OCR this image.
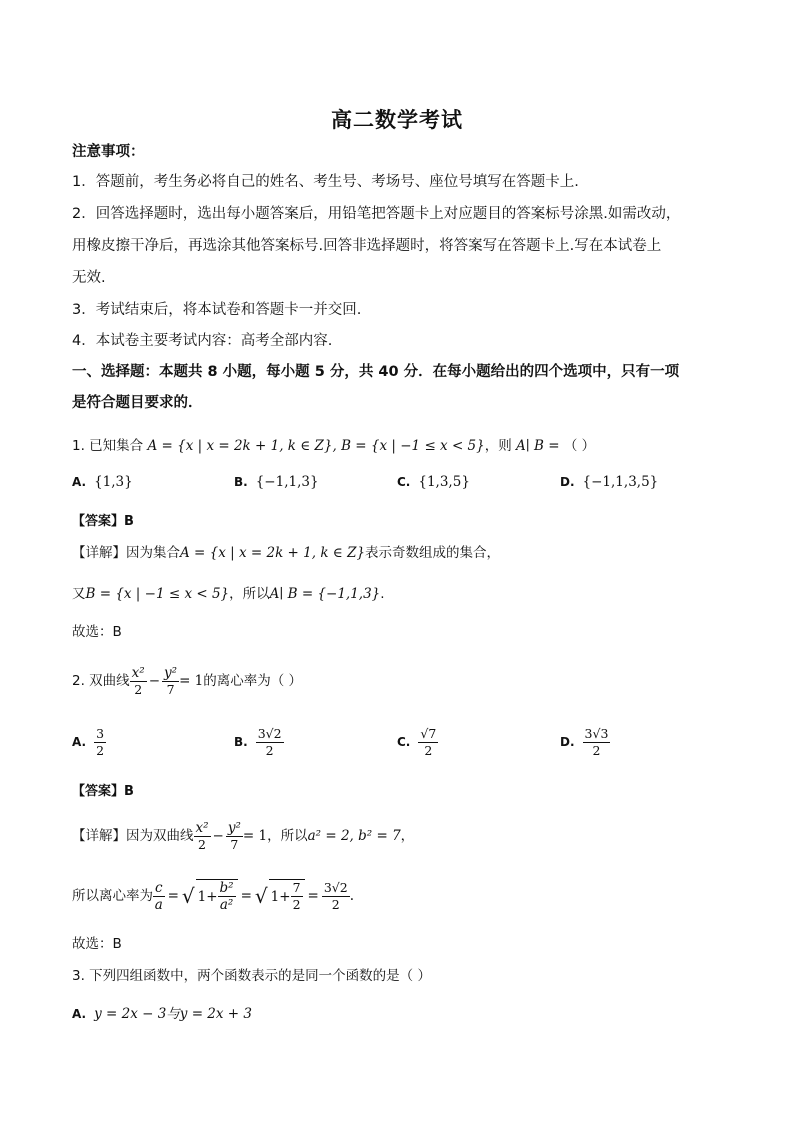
高二数学考试
注意事项：
1．答题前，考生务必将自己的姓名、考生号、考场号、座位号填写在答题卡上.
2．回答选择题时，选出每小题答案后，用铅笔把答题卡上对应题目的答案标号涂黑.如需改动，
用橡皮擦干净后，再选涂其他答案标号.回答非选择题时，将答案写在答题卡上.写在本试卷上
无效.
3．考试结束后，将本试卷和答题卡一并交回.
4．本试卷主要考试内容：高考全部内容.
一、选择题：本题共 8 小题，每小题 5 分，共 40 分．在每小题给出的四个选项中，只有一项
是符合题目要求的．
1. 已知集合 A = {x | x = 2k + 1, k ∈ Z}, B = {x | −1 ≤ x < 5}，则 A∣ B = （ ）
A. {1,3}	B. {−1,1,3}	C. {1,3,5}	D. {−1,1,3,5}
【答案】B
【详解】因为集合A = {x | x = 2k + 1, k ∈ Z}表示奇数组成的集合，
又B = {x | −1 ≤ x < 5}，所以A∣ B = {−1,1,3}.
故选：B
2. 双曲线 $\frac{\text{x²}}{2} - \frac{\text{y²}}{7} = 1$ 的离心率为（ ）
A. $\frac{3}{2}$	B. $\frac{3√2}{2}$	C. $\frac{√7}{2}$	D. $\frac{3√3}{2}$
【答案】B
【详解】因为双曲线 $\frac{\text{x²}}{2} - \frac{\text{y²}}{7} = 1$ ，所以 a² = 2, b² = 7 ，
所以离心率为 $\frac{c}{a}$ = √ $1+ \frac{\text{b²}}{\text{a²}}$ = √ $1+ \frac{7}{2} = \frac{3√2}{2}$ .
故选：B
3. 下列四组函数中，两个函数表示的是同一个函数的是（ ）
A. y = 2x − 3与y = 2x + 3
